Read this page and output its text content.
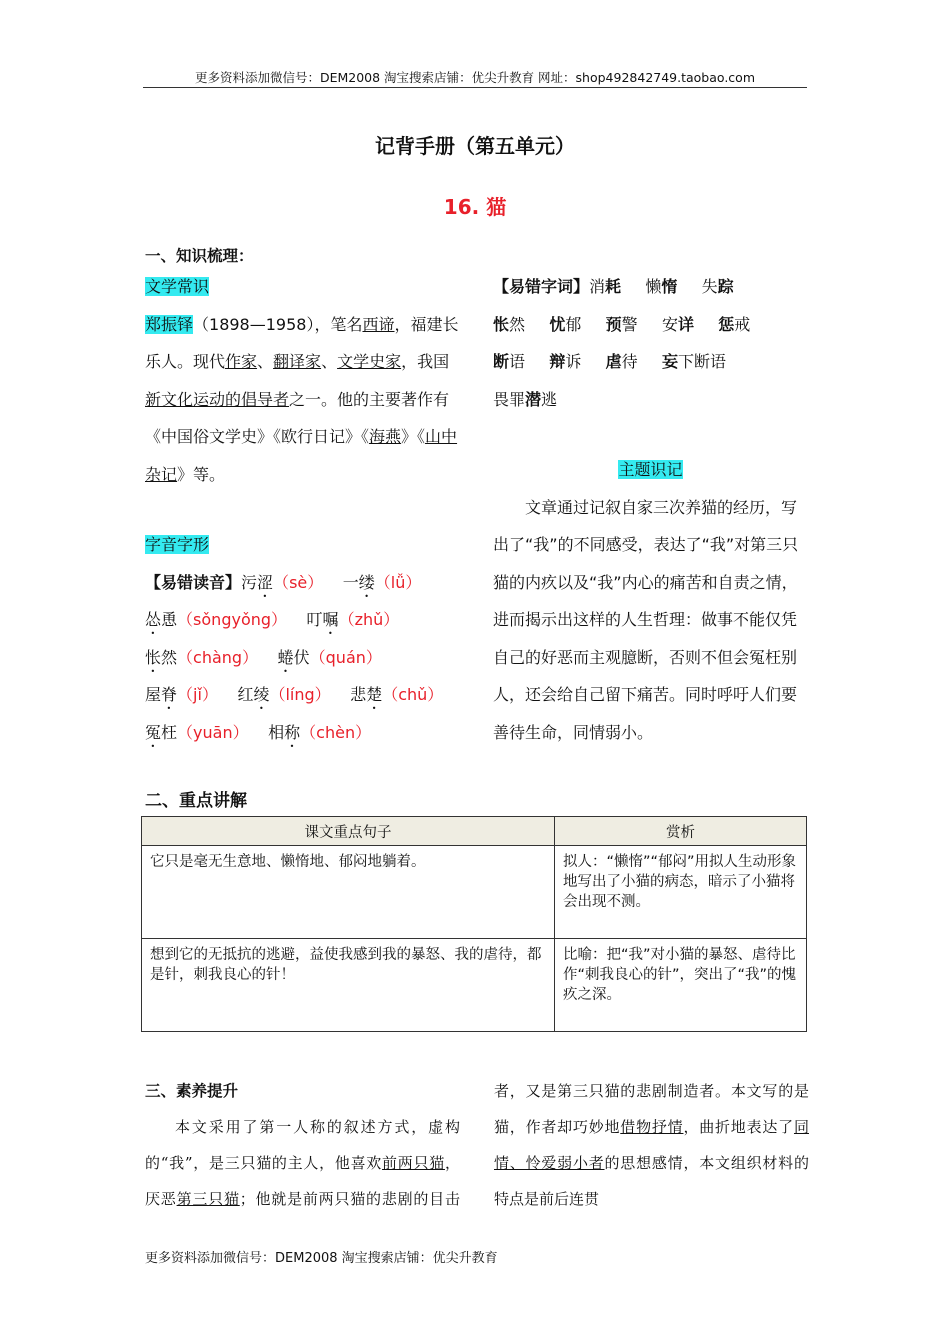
更多资料添加微信号：DEM2008 淘宝搜索店铺：优尖升教育 网址：shop492842749.taobao.com
记背手册（第五单元）
16. 猫
一、知识梳理：
文学常识
郑振铎（1898—1958），笔名西谛，福建长乐人。现代作家、翻译家、文学史家，我国新文化运动的倡导者之一。他的主要著作有《中国俗文学史》《欧行日记》《海燕》《山中杂记》等。
字音字形
【易错读音】污涩（sè） 一缕（lǚ） 怂恿（sǒngyǒng） 叮嘱（zhǔ） 怅然（chàng） 蜷伏（quán） 屋脊（jǐ） 红绫（líng） 悲楚（chǔ） 冤枉（yuān） 相称（chèn）
【易错字词】消耗 懒惰 失踪 怅然 忧郁 预警 安详 惩戒 断语 辩诉 虐待 妄下断语 畏罪潜逃
主题识记
文章通过记叙自家三次养猫的经历，写出了“我”的不同感受，表达了“我”对第三只猫的内疚以及“我”内心的痛苦和自责之情，进而揭示出这样的人生哲理：做事不能仅凭自己的好恶而主观臆断，否则不但会冤枉别人，还会给自己留下痛苦。同时呼吁人们要善待生命，同情弱小。
二、重点讲解
课文重点句子	赏析
它只是毫无生意地、懒惰地、郁闷地躺着。	拟人：“懒惰”“郁闷”用拟人生动形象地写出了小猫的病态，暗示了小猫将会出现不测。
想到它的无抵抗的逃避，益使我感到我的暴怒、我的虐待，都是针，刺我良心的针！	比喻：把“我”对小猫的暴怒、虐待比作“刺我良心的针”，突出了“我”的愧疚之深。
三、素养提升
本文采用了第一人称的叙述方式，虚构的“我”，是三只猫的主人，他喜欢前两只猫，厌恶第三只猫；他就是前两只猫的悲剧的目击者，又是第三只猫的悲剧制造者。本文写的是猫，作者却巧妙地借物抒情，曲折地表达了同情、怜爱弱小者的思想感情，本文组织材料的特点是前后连贯
更多资料添加微信号：DEM2008 淘宝搜索店铺：优尖升教育
